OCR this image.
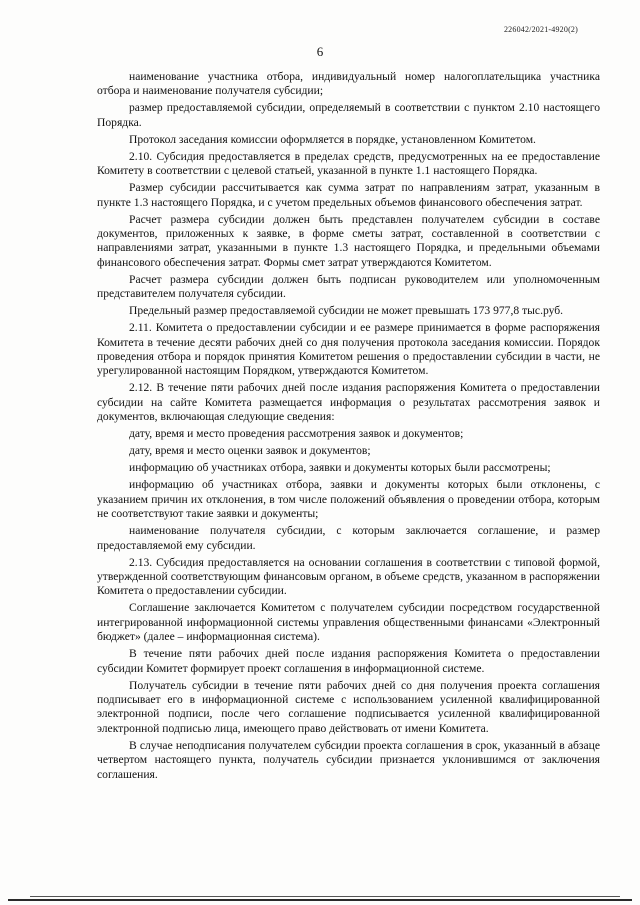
226042/2021-4920(2)
6

наименование участника отбора, индивидуальный номер налогоплательщика участника отбора и наименование получателя субсидии;

размер предоставляемой субсидии, определяемый в соответствии с пунктом 2.10 настоящего Порядка.

Протокол заседания комиссии оформляется в порядке, установленном Комитетом.

2.10. Субсидия предоставляется в пределах средств, предусмотренных на ее предоставление Комитету в соответствии с целевой статьей, указанной в пункте 1.1 настоящего Порядка.

Размер субсидии рассчитывается как сумма затрат по направлениям затрат, указанным в пункте 1.3 настоящего Порядка, и с учетом предельных объемов финансового обеспечения затрат.

Расчет размера субсидии должен быть представлен получателем субсидии в составе документов, приложенных к заявке, в форме сметы затрат, составленной в соответствии с направлениями затрат, указанными в пункте 1.3 настоящего Порядка, и предельными объемами финансового обеспечения затрат. Формы смет затрат утверждаются Комитетом.

Расчет размера субсидии должен быть подписан руководителем или уполномоченным представителем получателя субсидии.

Предельный размер предоставляемой субсидии не может превышать 173 977,8 тыс.руб.

2.11. Комитета о предоставлении субсидии и ее размере принимается в форме распоряжения Комитета в течение десяти рабочих дней со дня получения протокола заседания комиссии. Порядок проведения отбора и порядок принятия Комитетом решения о предоставлении субсидии в части, не урегулированной настоящим Порядком, утверждаются Комитетом.

2.12. В течение пяти рабочих дней после издания распоряжения Комитета о предоставлении субсидии на сайте Комитета размещается информация о результатах рассмотрения заявок и документов, включающая следующие сведения:

дату, время и место проведения рассмотрения заявок и документов;

дату, время и место оценки заявок и документов;

информацию об участниках отбора, заявки и документы которых были рассмотрены;

информацию об участниках отбора, заявки и документы которых были отклонены, с указанием причин их отклонения, в том числе положений объявления о проведении отбора, которым не соответствуют такие заявки и документы;

наименование получателя субсидии, с которым заключается соглашение, и размер предоставляемой ему субсидии.

2.13. Субсидия предоставляется на основании соглашения в соответствии с типовой формой, утвержденной соответствующим финансовым органом, в объеме средств, указанном в распоряжении Комитета о предоставлении субсидии.

Соглашение заключается Комитетом с получателем субсидии посредством государственной интегрированной информационной системы управления общественными финансами «Электронный бюджет» (далее – информационная система).

В течение пяти рабочих дней после издания распоряжения Комитета о предоставлении субсидии Комитет формирует проект соглашения в информационной системе.

Получатель субсидии в течение пяти рабочих дней со дня получения проекта соглашения подписывает его в информационной системе с использованием усиленной квалифицированной электронной подписи, после чего соглашение подписывается усиленной квалифицированной электронной подписью лица, имеющего право действовать от имени Комитета.

В случае неподписания получателем субсидии проекта соглашения в срок, указанный в абзаце четвертом настоящего пункта, получатель субсидии признается уклонившимся от заключения соглашения.
